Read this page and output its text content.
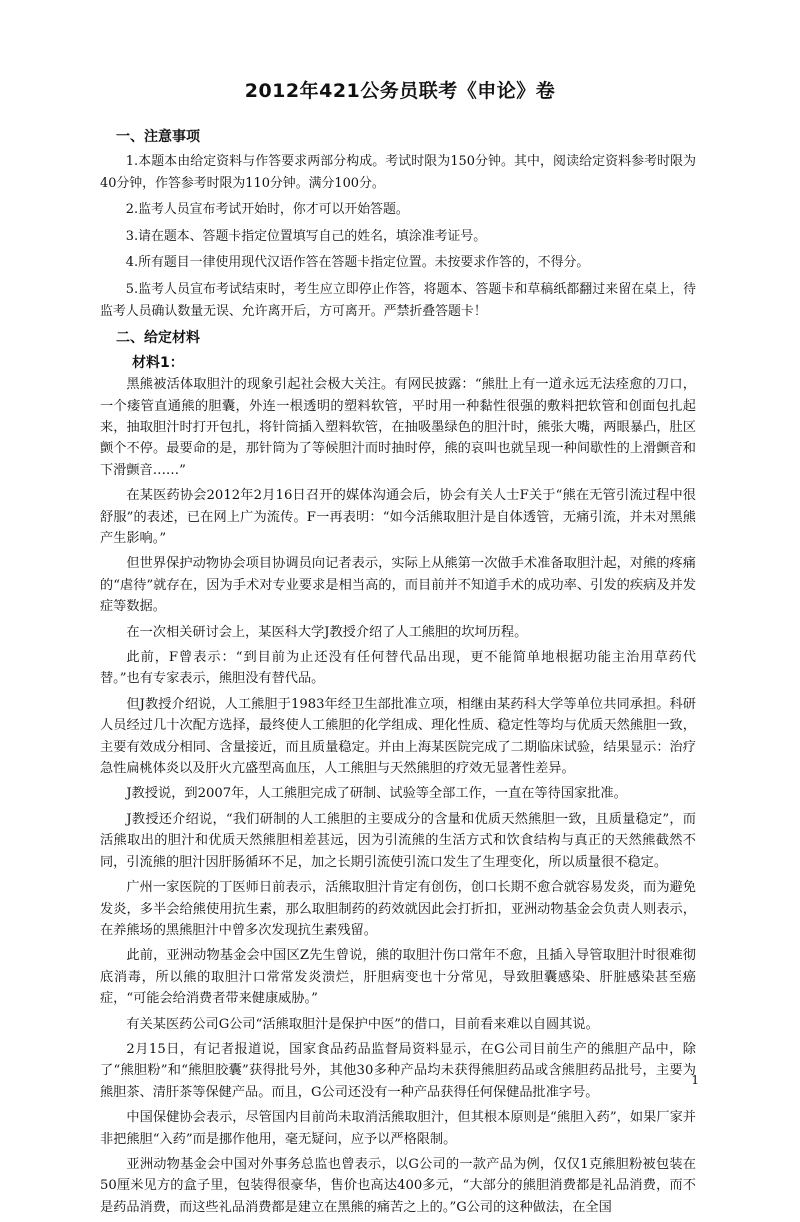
2012年421公务员联考《申论》卷
一、注意事项

1.本题本由给定资料与作答要求两部分构成。考试时限为150分钟。其中，阅读给定资料参考时限为40分钟，作答参考时限为110分钟。满分100分。

2.监考人员宣布考试开始时，你才可以开始答题。

3.请在题本、答题卡指定位置填写自己的姓名，填涂准考证号。

4.所有题目一律使用现代汉语作答在答题卡指定位置。未按要求作答的，不得分。

5.监考人员宣布考试结束时，考生应立即停止作答，将题本、答题卡和草稿纸都翻过来留在桌上，待监考人员确认数量无误、允许离开后，方可离开。严禁折叠答题卡！

二、给定材料
材料1：

黑熊被活体取胆汁的现象引起社会极大关注。有网民披露：“熊肚上有一道永远无法痊愈的刀口，一个瘘管直通熊的胆囊，外连一根透明的塑料软管，平时用一种黏性很强的敷料把软管和创面包扎起来，抽取胆汁时打开包扎，将针筒插入塑料软管，在抽吸墨绿色的胆汁时，熊张大嘴，两眼暴凸，肚区颤个不停。最要命的是，那针筒为了等候胆汁而时抽时停，熊的哀叫也就呈现一种间歇性的上滑颤音和下滑颤音……”

在某医药协会2012年2月16日召开的媒体沟通会后，协会有关人士F关于“熊在无管引流过程中很舒服”的表述，已在网上广为流传。F一再表明：“如今活熊取胆汁是自体透管，无痛引流，并未对黑熊产生影响。”

但世界保护动物协会项目协调员向记者表示，实际上从熊第一次做手术准备取胆汁起，对熊的疼痛的“虐待”就存在，因为手术对专业要求是相当高的，而目前并不知道手术的成功率、引发的疾病及并发症等数据。

在一次相关研讨会上，某医科大学J教授介绍了人工熊胆的坎坷历程。

此前，F曾表示：“到目前为止还没有任何替代品出现，更不能简单地根据功能主治用草药代替。”也有专家表示，熊胆没有替代品。

但J教授介绍说，人工熊胆于1983年经卫生部批准立项，相继由某药科大学等单位共同承担。科研人员经过几十次配方选择，最终使人工熊胆的化学组成、理化性质、稳定性等均与优质天然熊胆一致，主要有效成分相同、含量接近，而且质量稳定。并由上海某医院完成了二期临床试验，结果显示：治疗急性扁桃体炎以及肝火亢盛型高血压，人工熊胆与天然熊胆的疗效无显著性差异。

J教授说，到2007年，人工熊胆完成了研制、试验等全部工作，一直在等待国家批准。

J教授还介绍说，“我们研制的人工熊胆的主要成分的含量和优质天然熊胆一致，且质量稳定”，而活熊取出的胆汁和优质天然熊胆相差甚远，因为引流熊的生活方式和饮食结构与真正的天然熊截然不同，引流熊的胆汁因肝肠循环不足，加之长期引流使引流口发生了生理变化，所以质量很不稳定。

广州一家医院的丁医师日前表示，活熊取胆汁肯定有创伤，创口长期不愈合就容易发炎，而为避免发炎，多半会给熊使用抗生素，那么取胆制药的药效就因此会打折扣，亚洲动物基金会负责人则表示，在养熊场的黑熊胆汁中曾多次发现抗生素残留。

此前，亚洲动物基金会中国区Z先生曾说，熊的取胆汁伤口常年不愈，且插入导管取胆汁时很难彻底消毒，所以熊的取胆汁口常常发炎溃烂，肝胆病变也十分常见，导致胆囊感染、肝脏感染甚至癌症，“可能会给消费者带来健康威胁。”

有关某医药公司G公司“活熊取胆汁是保护中医”的借口，目前看来难以自圆其说。

2月15日，有记者报道说，国家食品药品监督局资料显示，在G公司目前生产的熊胆产品中，除了“熊胆粉”和“熊胆胶囊”获得批号外，其他30多种产品均未获得熊胆药品或含熊胆药品批号，主要为熊胆茶、清肝茶等保健产品。而且，G公司还没有一种产品获得任何保健品批准字号。

中国保健协会表示，尽管国内目前尚未取消活熊取胆汁，但其根本原则是“熊胆入药”，如果厂家并非把熊胆“入药”而是挪作他用，毫无疑问，应予以严格限制。

亚洲动物基金会中国对外事务总监也曾表示，以G公司的一款产品为例，仅仅1克熊胆粉被包装在50厘米见方的盒子里，包装得很豪华，售价也高达400多元，“大部分的熊胆消费都是礼品消费，而不是药品消费，而这些礼品消费都是建立在黑熊的痛苦之上的。”G公司的这种做法，在全国

1
